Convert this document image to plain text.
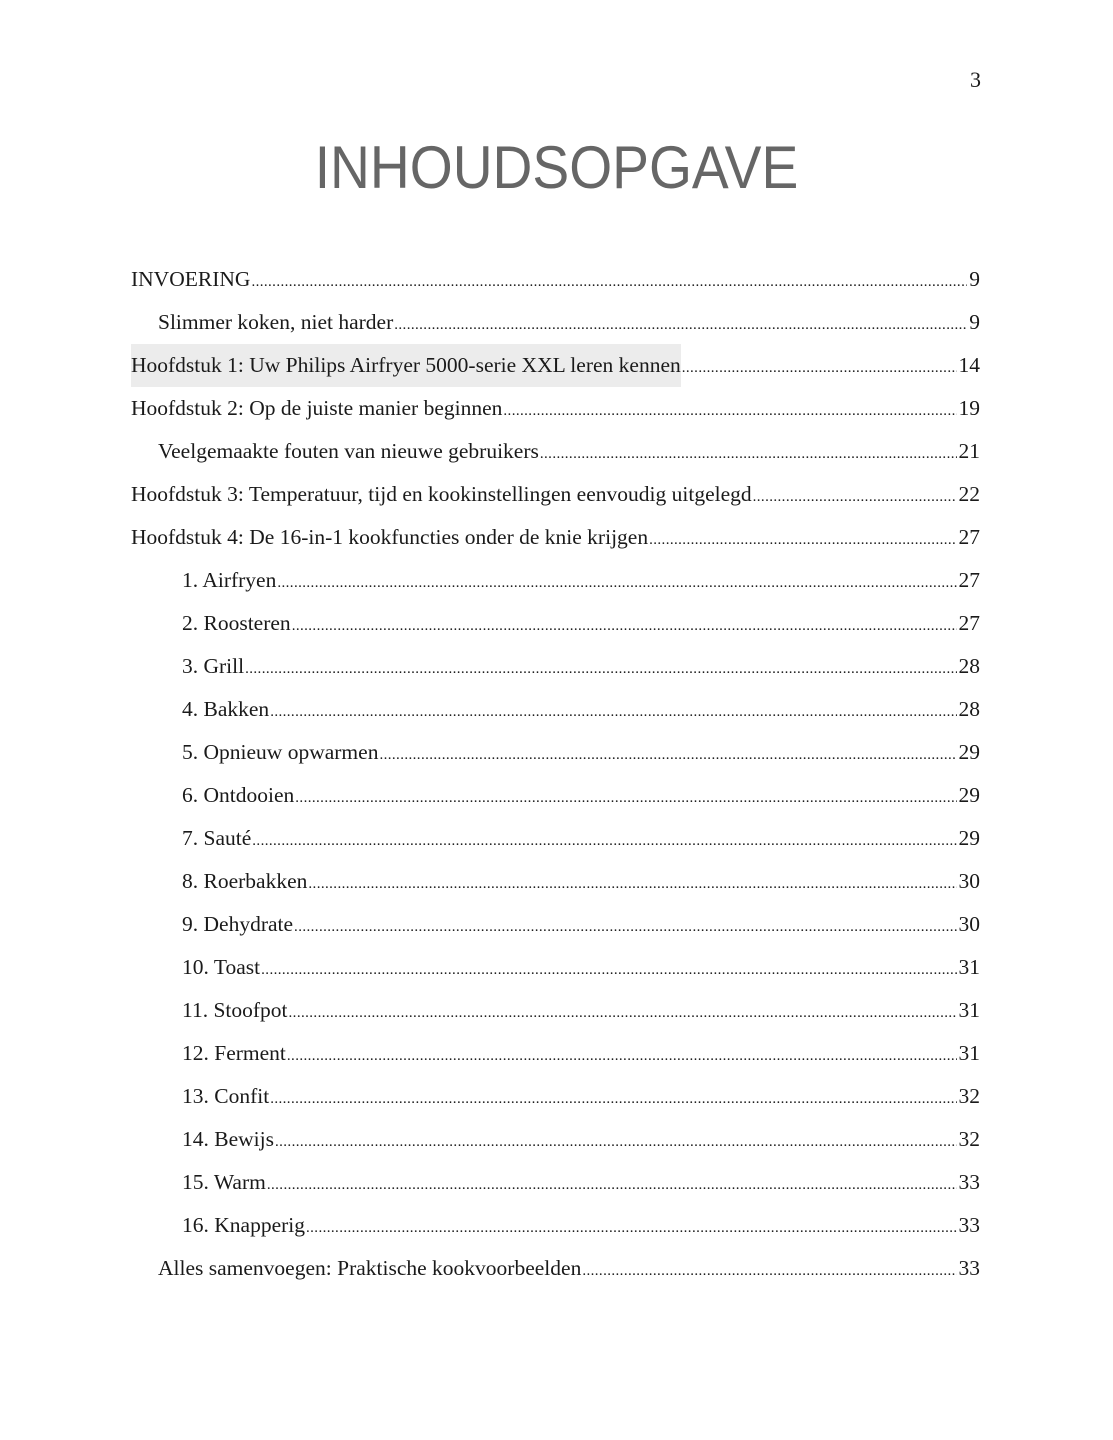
3
INHOUDSOPGAVE
INVOERING .....	9
Slimmer koken, niet harder .....	9
Hoofdstuk 1: Uw Philips Airfryer 5000-serie XXL leren kennen .....	14
Hoofdstuk 2: Op de juiste manier beginnen .....	19
Veelgemaakte fouten van nieuwe gebruikers .....	21
Hoofdstuk 3: Temperatuur, tijd en kookinstellingen eenvoudig uitgelegd .....	22
Hoofdstuk 4: De 16-in-1 kookfuncties onder de knie krijgen .....	27
1. Airfryen .....	27
2. Roosteren .....	27
3. Grill .....	28
4. Bakken .....	28
5. Opnieuw opwarmen .....	29
6. Ontdooien .....	29
7. Sauté .....	29
8. Roerbakken .....	30
9. Dehydrate .....	30
10. Toast .....	31
11. Stoofpot .....	31
12. Ferment .....	31
13. Confit .....	32
14. Bewijs .....	32
15. Warm .....	33
16. Knapperig .....	33
Alles samenvoegen: Praktische kookvoorbeelden .....	33
